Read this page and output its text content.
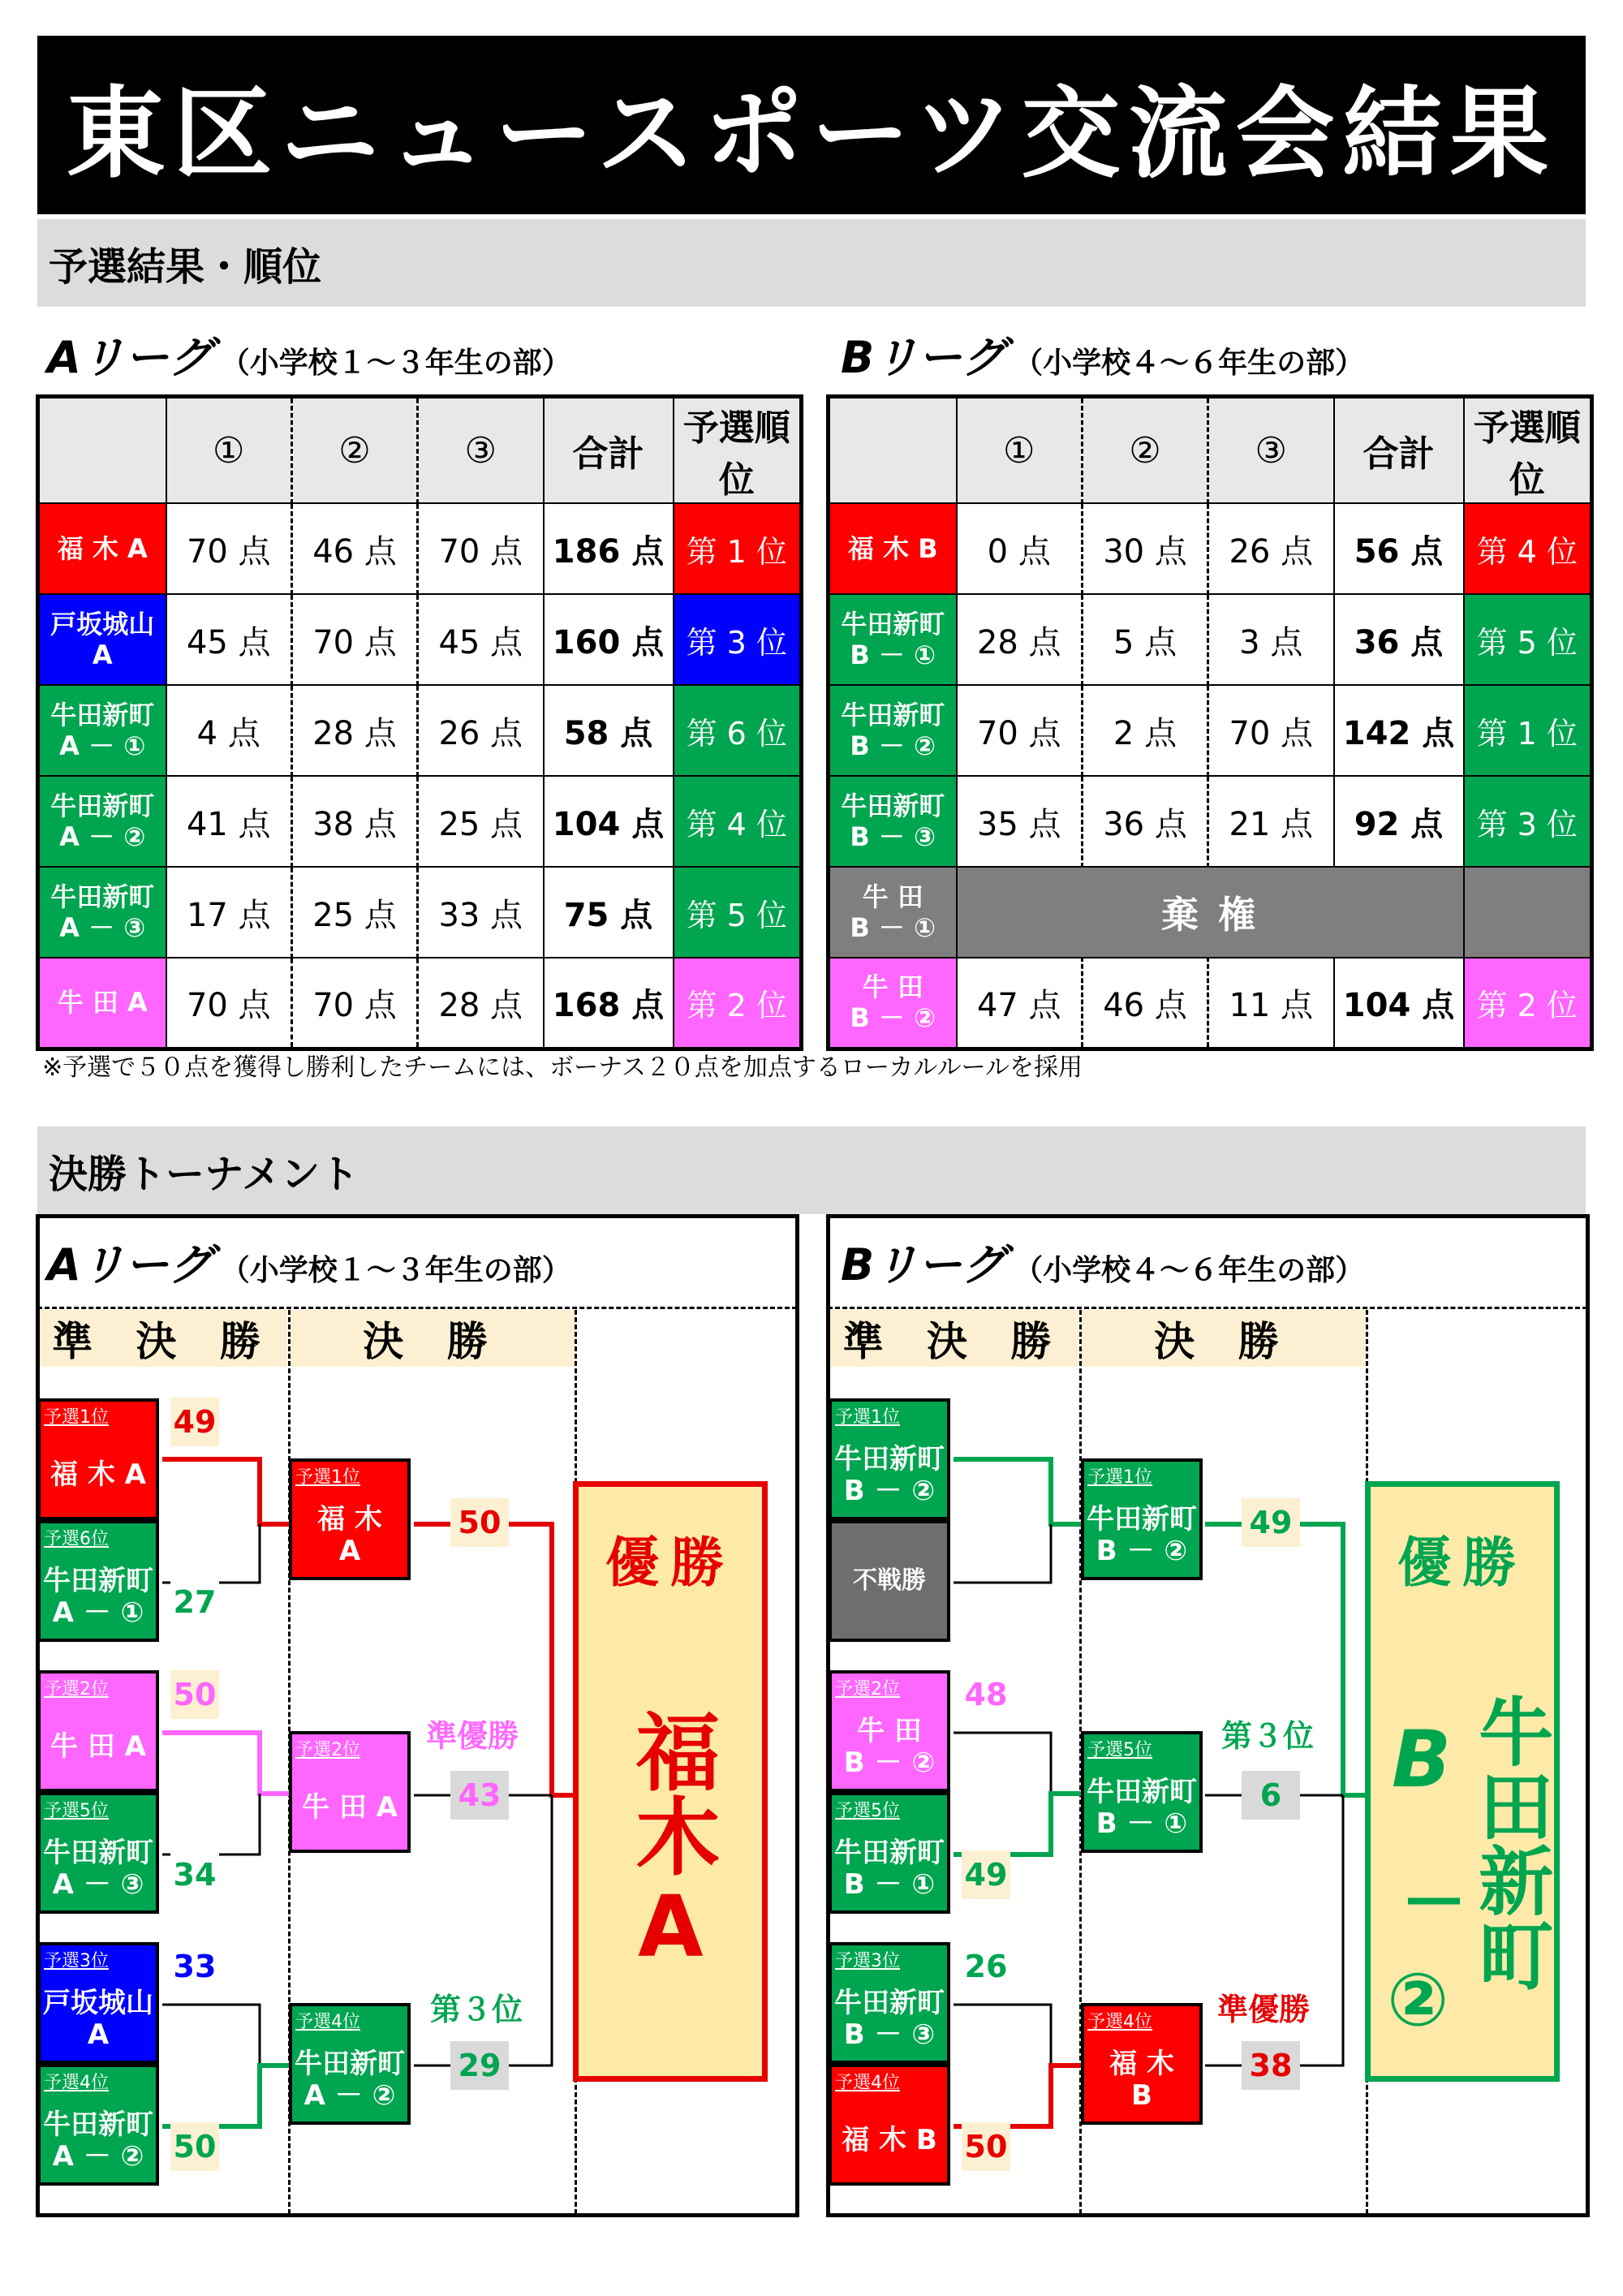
東区ニュースポーツ交流会結果
予選結果・順位
Aリーグ （小学校１～３年生の部）	Bリーグ （小学校４～６年生の部）
	①	②	③	合計	予選順位
福 木 A	70 点	46 点	70 点	186 点	第 1 位
戸坂城山
A	45 点	70 点	45 点	160 点	第 3 位
牛田新町
A － ①	4 点	28 点	26 点	58 点	第 6 位
牛田新町
A － ②	41 点	38 点	25 点	104 点	第 4 位
牛田新町
A － ③	17 点	25 点	33 点	75 点	第 5 位
牛 田 A	70 点	70 点	28 点	168 点	第 2 位
	①	②	③	合計	予選順位
福 木 B	0 点	30 点	26 点	56 点	第 4 位
牛田新町
B － ①	28 点	5 点	3 点	36 点	第 5 位
牛田新町
B － ②	70 点	2 点	70 点	142 点	第 1 位
牛田新町
B － ③	35 点	36 点	21 点	92 点	第 3 位
牛 田
B － ①	棄 権				
牛 田
B － ②	47 点	46 点	11 点	104 点	第 2 位
※予選で５０点を獲得し勝利したチームには、ボーナス２０点を加点するローカルルールを採用
決勝トーナメント
Aリーグ （小学校１～３年生の部）	Bリーグ （小学校４～６年生の部）
準 決 勝	決 勝	準 決 勝	決 勝
予選1位
福 木 A
予選6位
牛田新町
A － ①
予選2位
牛 田 A
予選5位
牛田新町
A － ③
予選3位
戸坂城山
A
予選4位
牛田新町
A － ②
49
27
50
34
33
50
予選1位
福 木
A
予選2位
牛 田 A
予選4位
牛田新町
A － ②
50
43
29
準優勝
第３位
優勝
福木A
予選1位
牛田新町
B － ②
不戦勝
予選2位
牛 田
B － ②
予選5位
牛田新町
B － ①
予選3位
牛田新町
B － ③
予選4位
福 木 B
48
49
26
50
予選1位
牛田新町
B － ②
予選5位
牛田新町
B － ①
予選4位
福 木
B
49
6
38
第３位
準優勝
優勝
B
―
②
牛田新町
